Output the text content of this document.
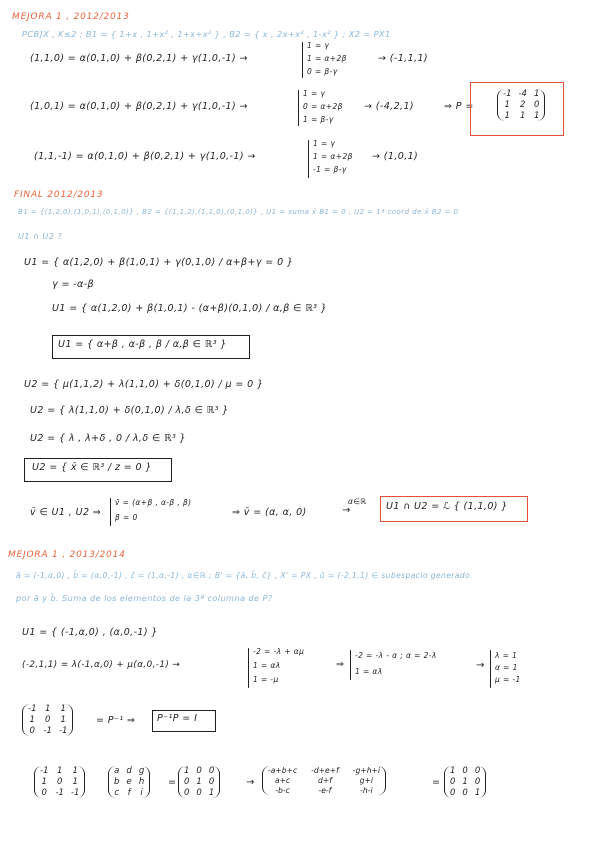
MEJORA 1 , 2012/2013
PCB]X , K≤2 ; B1 = { 1+x , 1+x² , 1+x+x² } , B2 = { x , 2x+x² , 1-x² } ; X2 = PX1
(1,1,0) = α(0,1,0) + β(0,2,1) + γ(1,0,-1) →
1 = γ
1 = α+2β
0 = β-γ
→ (-1,1,1)
(1,0,1) = α(0,1,0) + β(0,2,1) + γ(1,0,-1) →
1 = γ
0 = α+2β
1 = β-γ
→ (-4,2,1)	⇒ P =
-1 -4 1
1 2 0
1 1 1
(1,1,-1) = α(0,1,0) + β(0,2,1) + γ(1,0,-1) →
1 = γ
1 = α+2β
-1 = β-γ
→ (1,0,1)
FINAL 2012/2013
B1 = {(1,2,0),(1,0,1),(0,1,0)} , B2 = {(1,1,2),(1,1,0),(0,1,0)} , U1 = suma x̄ B1 = 0 , U2 = 1ª coord de x̄ B2 = 0
U1 ∩ U2 ?
U1 = { α(1,2,0) + β(1,0,1) + γ(0,1,0) / α+β+γ = 0 }
γ = -α-β
U1 = { α(1,2,0) + β(1,0,1) - (α+β)(0,1,0) / α,β ∈ ℝ³ }
U1 = { α+β , α-β , β / α,β ∈ ℝ³ }
U2 = { μ(1,1,2) + λ(1,1,0) + δ(0,1,0) / μ = 0 }
U2 = { λ(1,1,0) + δ(0,1,0) / λ,δ ∈ ℝ³ }
U2 = { λ , λ+δ , 0 / λ,δ ∈ ℝ³ }
U2 = { x̄ ∈ ℝ³ / z = 0 }
v̄ ∈ U1 , U2 ⇒
v̄ = (α+β , α-β , β)
β = 0	⇒ v̄ = (α, α, 0)
α∈ℝ
→	U1 ∩ U2 = ℒ { (1,1,0) }
MEJORA 1 , 2013/2014
ā = (-1,α,0) , b̄ = (α,0,-1) , c̄ = (1,α,-1) , α∈ℝ ; B' = {ā, b̄, c̄} , X' = PX , ū = (-2,1,1) ∈ subespacio generado
por ā y b̄. Suma de los elementos de la 3ª columna de P?
U1 = { (-1,α,0) , (α,0,-1) }
(-2,1,1) = λ(-1,α,0) + μ(α,0,-1) →
-2 = -λ + αμ
1 = αλ
1 = -μ
⇒
-2 = -λ - α ; α = 2-λ
1 = αλ
→
λ = 1
α = 1
μ = -1
-1 1 1
1 0 1
0 -1 -1
= P⁻¹ ⇒ P⁻¹P = I
-1 1 1
1 0 1
0 -1 -1
a d g
b e h
c f i
=
1 0 0
0 1 0
0 0 1
→
-a+b+c -d+e+f -g+h+i
a+c	d+f	g+i
-b-c	-e-f	-h-i
=
1 0 0
0 1 0
0 0 1
